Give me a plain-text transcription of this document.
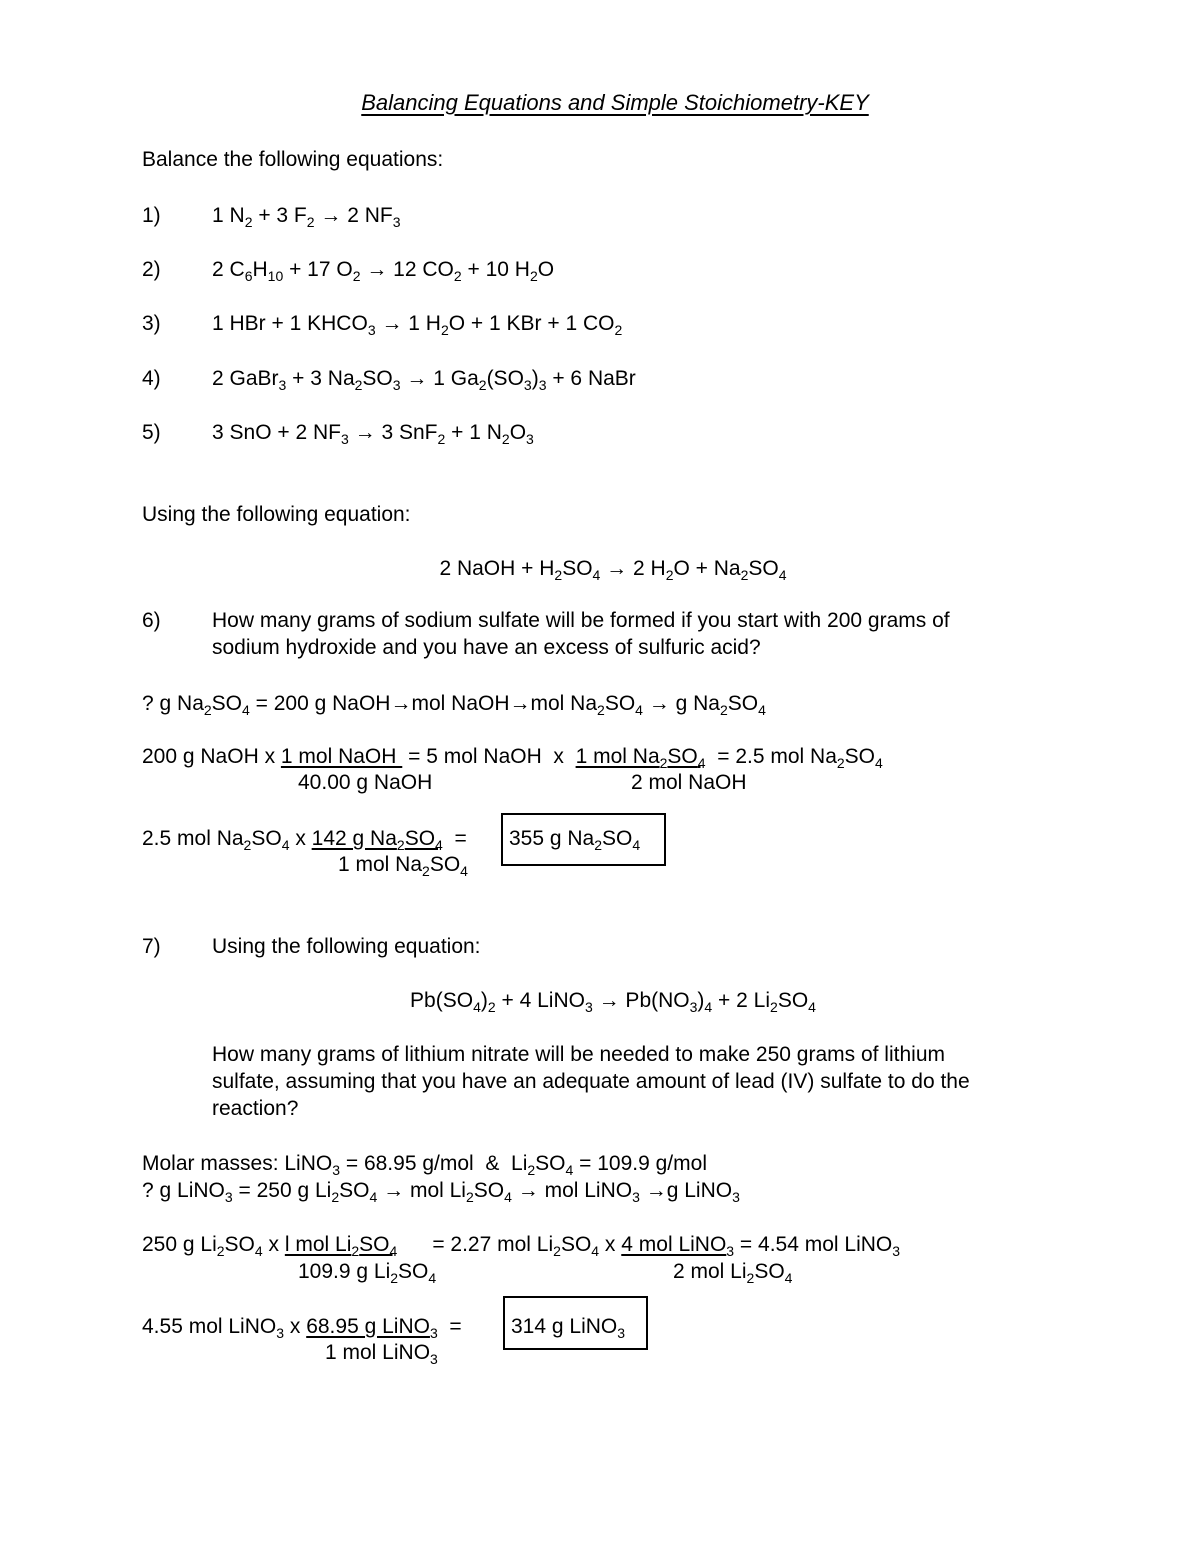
Balancing Equations and Simple Stoichiometry-KEY
Balance the following equations:
1) 1 $N_2 + 3$ $F_2 \to 2$ $NF_3$
2) 2 $C_6H_{10} + 17$ $O_2 \to 12$ $CO_2 + 10$ $H_2O$
3) 1 HBr + 1 $KHCO_3 \to 1$ $H_2O + 1$ KBr + 1 $CO_2$
4) 2 GaBr$_3$ + 3 $Na_2SO_3 \to 1$ $Ga_2(SO_3)_3 + 6$ NaBr
5) 3 SnO + 2 $NF_3 \to 3$ SnF$_2$ + 1 $N_2O_3$
Using the following equation:
2 NaOH + $H_2SO_4 \to 2$ $H_2O + Na_2SO_4$
6) How many grams of sodium sulfate will be formed if you start with 200 grams of
sodium hydroxide and you have an excess of sulfuric acid?
? g $Na_2SO_4 = 200$ g NaOH→mol NaOH→mol $Na_2SO_4 \to g$ $Na_2SO_4$
200 g NaOH x 1 mol NaOH  = 5 mol NaOH  x  1 mol $Na_2SO_4 = 2.5$ mol $Na_2SO_4$
40.00 g NaOH	2 mol NaOH
2.5 mol $Na_2SO_4$ x 142 g $Na_2SO_4$  =
1 mol $Na_2SO_4$
355 g $Na_2SO_4$
7) Using the following equation:
$Pb(SO_4)_2 + 4$ LiNO$_3$ → $Pb(NO_3)_4 + 2$ $Li_2SO_4$
How many grams of lithium nitrate will be needed to make 250 grams of lithium
sulfate, assuming that you have an adequate amount of lead (IV) sulfate to do the
reaction?
Molar masses: LiNO$_3$ = 68.95 g/mol  &  $Li_2SO_4 = 109.9$ g/mol
? g LiNO$_3$ = 250 g $Li_2SO_4$ → mol $Li_2SO_4$ → mol LiNO$_3$ →g LiNO$_3$
250 g $Li_2SO_4$ x l mol $Li_2SO_4$      = 2.27 mol $Li_2SO_4$ x 4 mol LiNO$_3$ = 4.54 mol LiNO$_3$
109.9 g $Li_2SO_4$	2 mol $Li_2SO_4$
4.55 mol LiNO$_3$ x 68.95 g LiNO$_3$  =
1 mol LiNO$_3$
314 g LiNO$_3$
